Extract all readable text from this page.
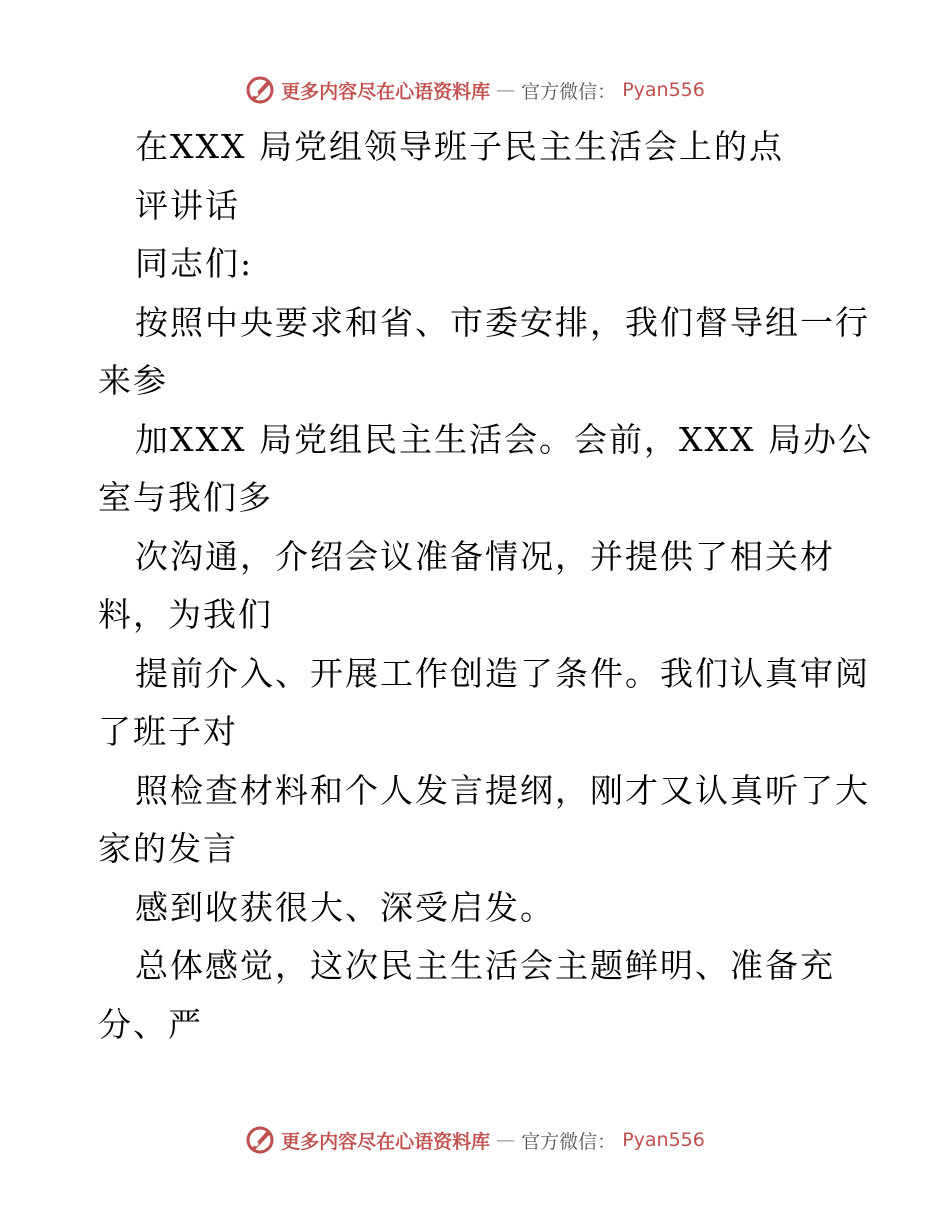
更多内容尽在心语资料库 — 官方微信： Pyan556
在XXX 局党组领导班子民主生活会上的点
评讲话
同志们:
按照中央要求和省、市委安排，我们督导组一行
来参
加XXX 局党组民主生活会。会前，XXX 局办公
室与我们多
次沟通，介绍会议准备情况，并提供了相关材
料，为我们
提前介入、开展工作创造了条件。我们认真审阅
了班子对
照检查材料和个人发言提纲，刚才又认真听了大
家的发言
感到收获很大、深受启发。
总体感觉，这次民主生活会主题鲜明、准备充
分、严
更多内容尽在心语资料库 — 官方微信： Pyan556
